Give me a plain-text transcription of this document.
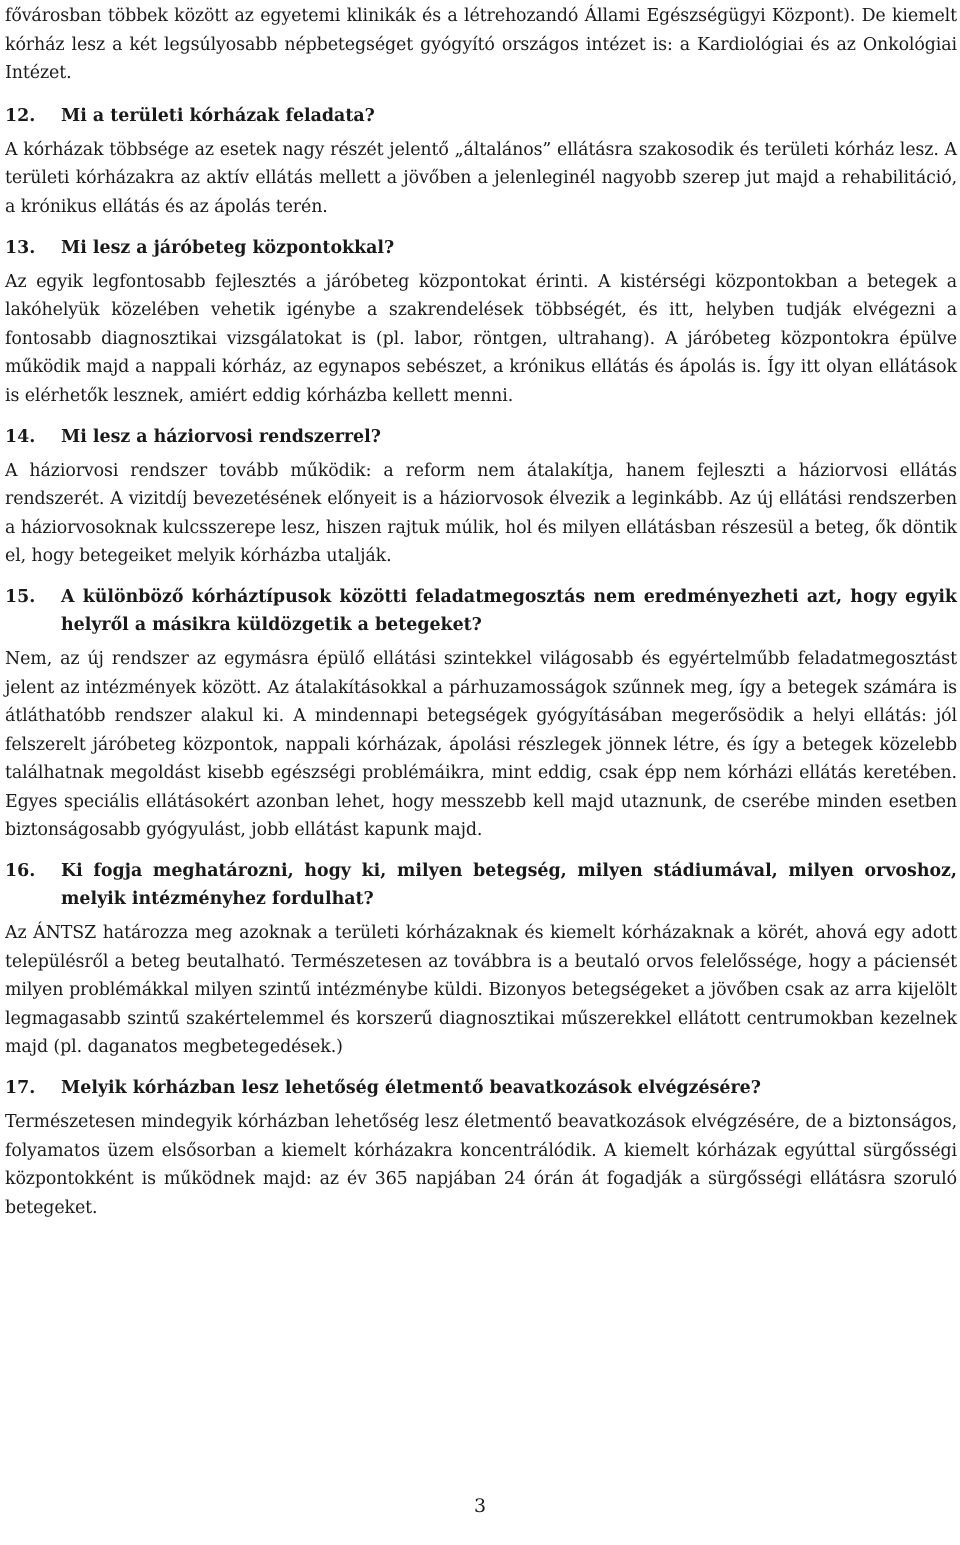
fővárosban többek között az egyetemi klinikák és a létrehozandó Állami Egészségügyi Központ). De kiemelt kórház lesz a két legsúlyosabb népbetegséget gyógyító országos intézet is: a Kardiológiai és az Onkológiai Intézet.

12.	Mi a területi kórházak feladata?

A kórházak többsége az esetek nagy részét jelentő „általános” ellátásra szakosodik és területi kórház lesz. A területi kórházakra az aktív ellátás mellett a jövőben a jelenleginél nagyobb szerep jut majd a rehabilitáció, a krónikus ellátás és az ápolás terén.

13.	Mi lesz a járóbeteg központokkal?

Az egyik legfontosabb fejlesztés a járóbeteg központokat érinti. A kistérségi központokban a betegek a lakóhelyük közelében vehetik igénybe a szakrendelések többségét, és itt, helyben tudják elvégezni a fontosabb diagnosztikai vizsgálatokat is (pl. labor, röntgen, ultrahang). A járóbeteg központokra épülve működik majd a nappali kórház, az egynapos sebészet, a krónikus ellátás és ápolás is. Így itt olyan ellátások is elérhetők lesznek, amiért eddig kórházba kellett menni.

14.	Mi lesz a háziorvosi rendszerrel?

A háziorvosi rendszer tovább működik: a reform nem átalakítja, hanem fejleszti a háziorvosi ellátás rendszerét. A vizitdíj bevezetésének előnyeit is a háziorvosok élvezik a leginkább. Az új ellátási rendszerben a háziorvosoknak kulcsszerepe lesz, hiszen rajtuk múlik, hol és milyen ellátásban részesül a beteg, ők döntik el, hogy betegeiket melyik kórházba utalják.

15.	A különböző kórháztípusok közötti feladatmegosztás nem eredményezheti azt, hogy egyik helyről a másikra küldözgetik a betegeket?

Nem, az új rendszer az egymásra épülő ellátási szintekkel világosabb és egyértelműbb feladatmegosztást jelent az intézmények között. Az átalakításokkal a párhuzamosságok szűnnek meg, így a betegek számára is átláthatóbb rendszer alakul ki. A mindennapi betegségek gyógyításában megerősödik a helyi ellátás: jól felszerelt járóbeteg központok, nappali kórházak, ápolási részlegek jönnek létre, és így a betegek közelebb találhatnak megoldást kisebb egészségi problémáikra, mint eddig, csak épp nem kórházi ellátás keretében. Egyes speciális ellátásokért azonban lehet, hogy messzebb kell majd utaznunk, de cserébe minden esetben biztonságosabb gyógyulást, jobb ellátást kapunk majd.

16.	Ki fogja meghatározni, hogy ki, milyen betegség, milyen stádiumával, milyen orvoshoz, melyik intézményhez fordulhat?

Az ÁNTSZ határozza meg azoknak a területi kórházaknak és kiemelt kórházaknak a körét, ahová egy adott településről a beteg beutalható. Természetesen az továbbra is a beutaló orvos felelőssége, hogy a páciensét milyen problémákkal milyen szintű intézménybe küldi. Bizonyos betegségeket a jövőben csak az arra kijelölt legmagasabb szintű szakértelemmel és korszerű diagnosztikai műszerekkel ellátott centrumokban kezelnek majd (pl. daganatos megbetegedések.)

17.	Melyik kórházban lesz lehetőség életmentő beavatkozások elvégzésére?

Természetesen mindegyik kórházban lehetőség lesz életmentő beavatkozások elvégzésére, de a biztonságos, folyamatos üzem elsősorban a kiemelt kórházakra koncentrálódik. A kiemelt kórházak egyúttal sürgősségi központokként is működnek majd: az év 365 napjában 24 órán át fogadják a sürgősségi ellátásra szoruló betegeket.

3
